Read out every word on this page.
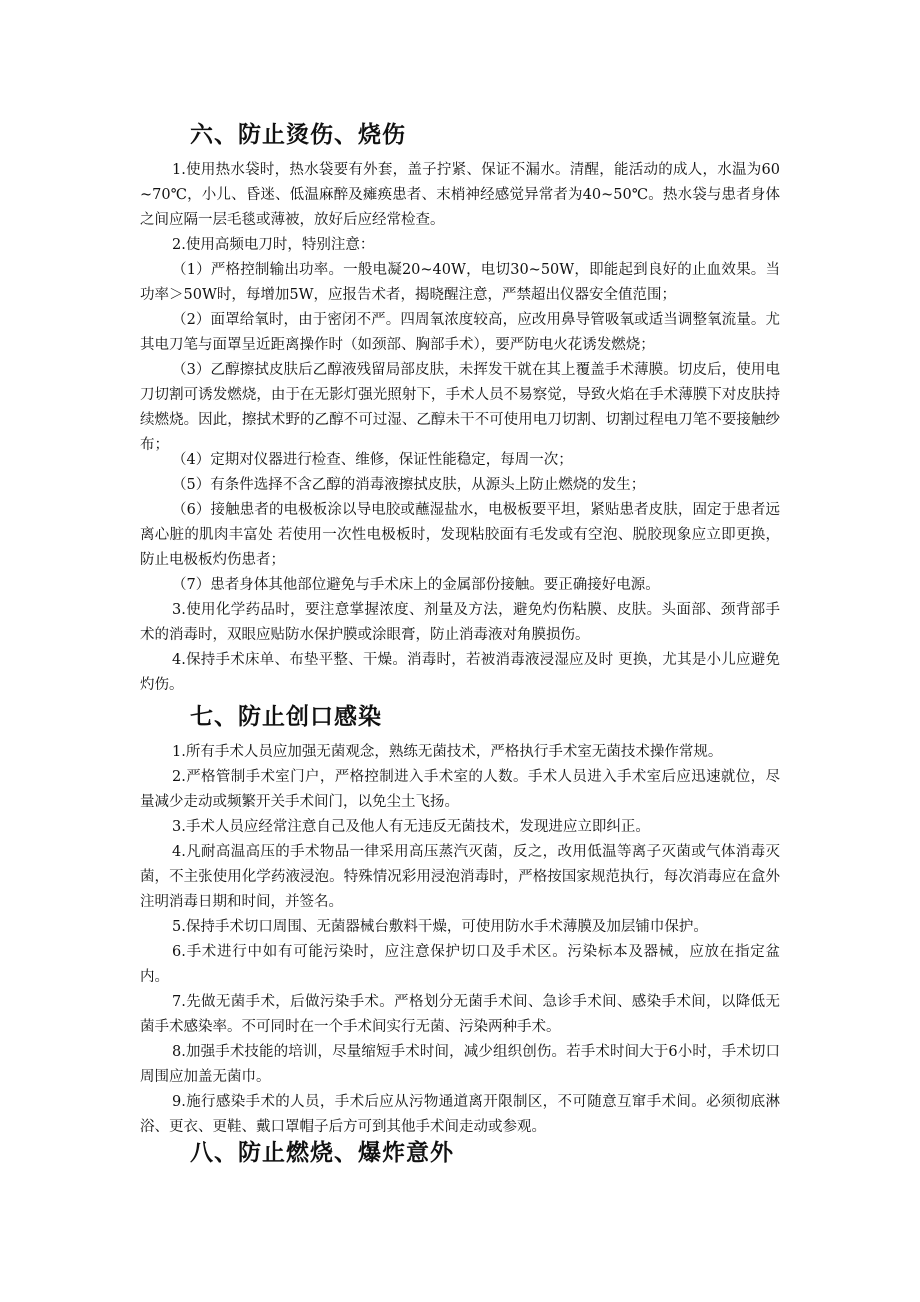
六、防止烫伤、烧伤

1.使用热水袋时，热水袋要有外套，盖子拧紧、保证不漏水。清醒，能活动的成人，水温为60~70℃，小儿、昏迷、低温麻醉及瘫痪患者、末梢神经感觉异常者为40~50℃。热水袋与患者身体之间应隔一层毛毯或薄被，放好后应经常检查。

2.使用高频电刀时，特别注意：

（1）严格控制输出功率。一般电凝20~40W，电切30~50W，即能起到良好的止血效果。当功率＞50W时，每增加5W，应报告术者，揭晓醒注意，严禁超出仪器安全值范围；

（2）面罩给氧时，由于密闭不严。四周氧浓度较高，应改用鼻导管吸氧或适当调整氧流量。尤其电刀笔与面罩呈近距离操作时（如颈部、胸部手术），要严防电火花诱发燃烧；

（3）乙醇擦拭皮肤后乙醇液残留局部皮肤，未挥发干就在其上覆盖手术薄膜。切皮后，使用电刀切割可诱发燃烧，由于在无影灯强光照射下，手术人员不易察觉，导致火焰在手术薄膜下对皮肤持续燃烧。因此，擦拭术野的乙醇不可过湿、乙醇未干不可使用电刀切割、切割过程电刀笔不要接触纱布；

（4）定期对仪器进行检查、维修，保证性能稳定，每周一次；

（5）有条件选择不含乙醇的消毒液擦拭皮肤，从源头上防止燃烧的发生；

（6）接触患者的电极板涂以导电胶或蘸湿盐水，电极板要平坦，紧贴患者皮肤，固定于患者远离心脏的肌肉丰富处 若使用一次性电极板时，发现粘胶面有毛发或有空泡、脱胶现象应立即更换，防止电极板灼伤患者；

（7）患者身体其他部位避免与手术床上的金属部份接触。要正确接好电源。

3.使用化学药品时，要注意掌握浓度、剂量及方法，避免灼伤粘膜、皮肤。头面部、颈背部手术的消毒时，双眼应贴防水保护膜或涂眼膏，防止消毒液对角膜损伤。

4.保持手术床单、布垫平整、干燥。消毒时，若被消毒液浸湿应及时 更换，尤其是小儿应避免灼伤。

七、防止创口感染

1.所有手术人员应加强无菌观念，熟练无菌技术，严格执行手术室无菌技术操作常规。

2.严格管制手术室门户，严格控制进入手术室的人数。手术人员进入手术室后应迅速就位，尽量减少走动或频繁开关手术间门，以免尘土飞扬。

3.手术人员应经常注意自己及他人有无违反无菌技术，发现进应立即纠正。

4.凡耐高温高压的手术物品一律采用高压蒸汽灭菌，反之，改用低温等离子灭菌或气体消毒灭菌，不主张使用化学药液浸泡。特殊情况彩用浸泡消毒时，严格按国家规范执行，每次消毒应在盒外注明消毒日期和时间，并签名。

5.保持手术切口周围、无菌器械台敷料干燥，可使用防水手术薄膜及加层铺巾保护。

6.手术进行中如有可能污染时，应注意保护切口及手术区。污染标本及器械，应放在指定盆内。

7.先做无菌手术，后做污染手术。严格划分无菌手术间、急诊手术间、感染手术间，以降低无菌手术感染率。不可同时在一个手术间实行无菌、污染两种手术。

8.加强手术技能的培训，尽量缩短手术时间，减少组织创伤。若手术时间大于6小时，手术切口周围应加盖无菌巾。

9.施行感染手术的人员，手术后应从污物通道离开限制区，不可随意互窜手术间。必须彻底淋浴、更衣、更鞋、戴口罩帽子后方可到其他手术间走动或参观。

八、防止燃烧、爆炸意外
